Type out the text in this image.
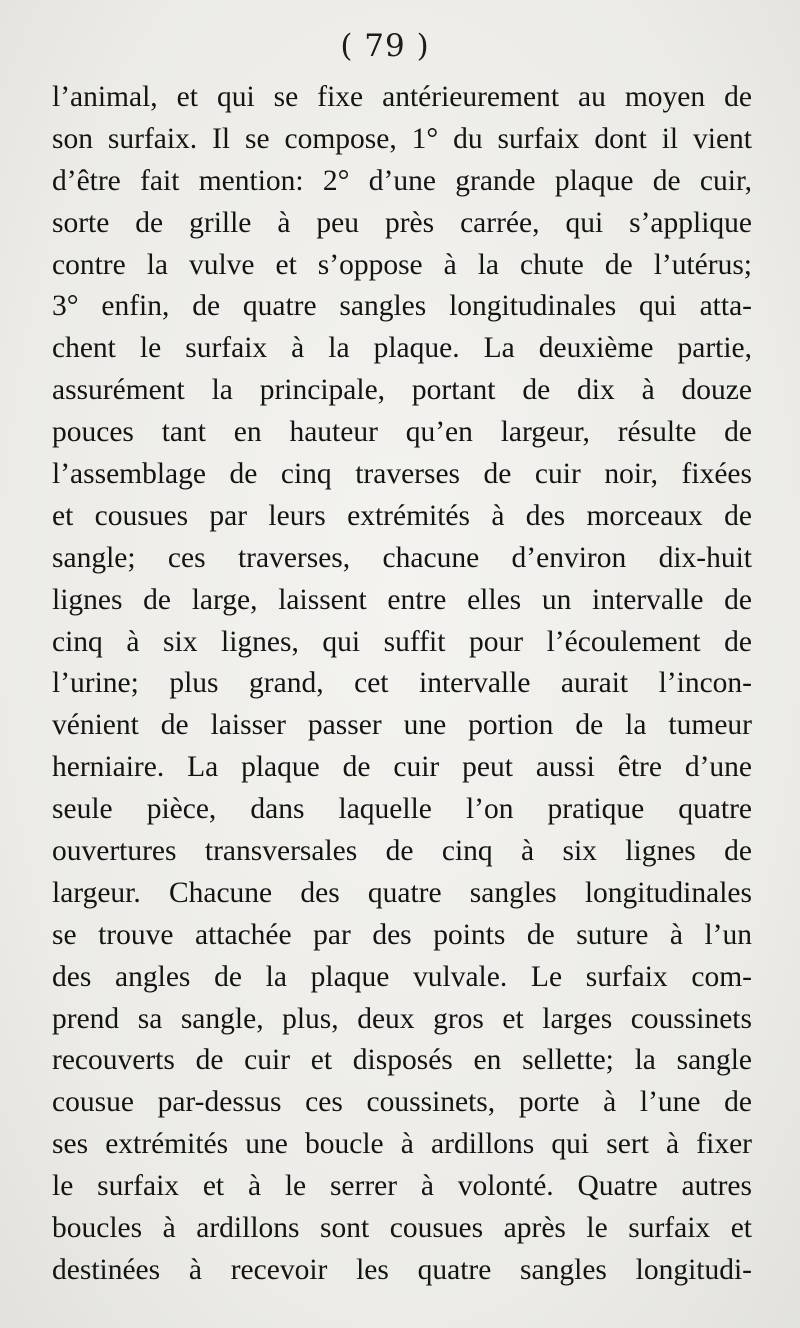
( 79 )
l’animal, et qui se fixe antérieurement au moyen de
son surfaix. Il se compose, 1° du surfaix dont il vient
d’être fait mention: 2° d’une grande plaque de cuir,
sorte de grille à peu près carrée, qui s’applique
contre la vulve et s’oppose à la chute de l’utérus;
3° enfin, de quatre sangles longitudinales qui atta-
chent le surfaix à la plaque. La deuxième partie,
assurément la principale, portant de dix à douze
pouces tant en hauteur qu’en largeur, résulte de
l’assemblage de cinq traverses de cuir noir, fixées
et cousues par leurs extrémités à des morceaux de
sangle; ces traverses, chacune d’environ dix-huit
lignes de large, laissent entre elles un intervalle de
cinq à six lignes, qui suffit pour l’écoulement de
l’urine; plus grand, cet intervalle aurait l’incon-
vénient de laisser passer une portion de la tumeur
herniaire. La plaque de cuir peut aussi être d’une
seule pièce, dans laquelle l’on pratique quatre
ouvertures transversales de cinq à six lignes de
largeur. Chacune des quatre sangles longitudinales
se trouve attachée par des points de suture à l’un
des angles de la plaque vulvale. Le surfaix com-
prend sa sangle, plus, deux gros et larges coussinets
recouverts de cuir et disposés en sellette; la sangle
cousue par-dessus ces coussinets, porte à l’une de
ses extrémités une boucle à ardillons qui sert à fixer
le surfaix et à le serrer à volonté. Quatre autres
boucles à ardillons sont cousues après le surfaix et
destinées à recevoir les quatre sangles longitudi-
